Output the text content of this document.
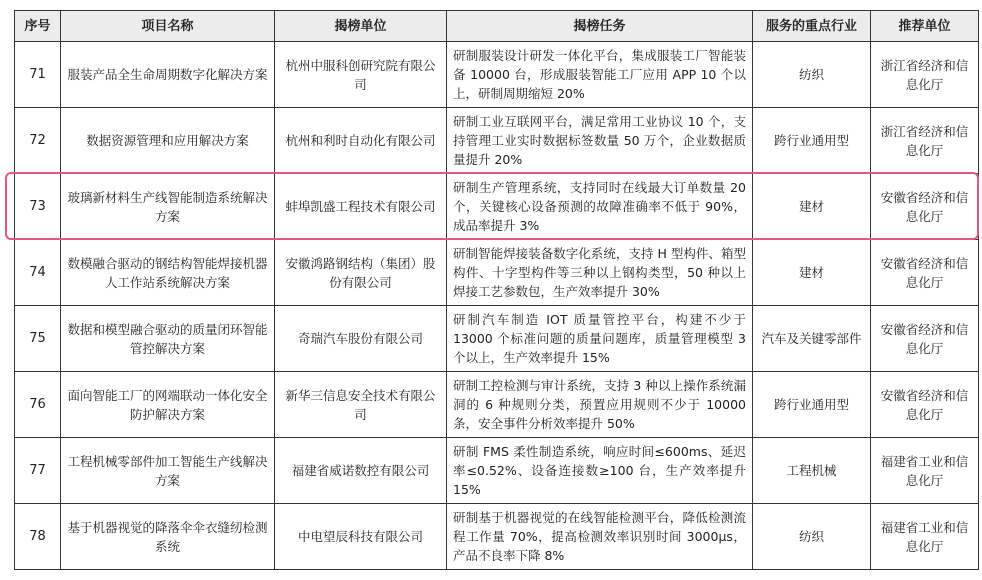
序号	项目名称	揭榜单位	揭榜任务	服务的重点行业	推荐单位
71	服装产品全生命周期数字化解决方案	杭州中服科创研究院有限公司	研制服装设计研发一体化平台，集成服装工厂智能装备 10000 台，形成服装智能工厂应用 APP 10 个以上，研制周期缩短 20%	纺织	浙江省经济和信息化厅
72	数据资源管理和应用解决方案	杭州和利时自动化有限公司	研制工业互联网平台，满足常用工业协议 10 个，支持管理工业实时数据标签数量 50 万个，企业数据质量提升 20%	跨行业通用型	浙江省经济和信息化厅
73	玻璃新材料生产线智能制造系统解决方案	蚌埠凯盛工程技术有限公司	研制生产管理系统，支持同时在线最大订单数量 20 个，关键核心设备预测的故障准确率不低于 90%，成品率提升 3%	建材	安徽省经济和信息化厅
74	数模融合驱动的钢结构智能焊接机器人工作站系统解决方案	安徽鸿路钢结构（集团）股份有限公司	研制智能焊接装备数字化系统，支持 H 型构件、箱型构件、十字型构件等三种以上钢构类型，50 种以上焊接工艺参数包，生产效率提升 30%	建材	安徽省经济和信息化厅
75	数据和模型融合驱动的质量闭环智能管控解决方案	奇瑞汽车股份有限公司	研制汽车制造 IOT 质量管控平台，构建不少于 13000 个标准问题的质量问题库，质量管理模型 3 个以上，生产效率提升 15%	汽车及关键零部件	安徽省经济和信息化厅
76	面向智能工厂的网端联动一体化安全防护解决方案	新华三信息安全技术有限公司	研制工控检测与审计系统，支持 3 种以上操作系统漏洞的 6 种规则分类，预置应用规则不少于 10000 条，安全事件分析效率提升 50%	跨行业通用型	安徽省经济和信息化厅
77	工程机械零部件加工智能生产线解决方案	福建省威诺数控有限公司	研制 FMS 柔性制造系统，响应时间≤600ms、延迟率≤0.52%、设备连接数≥100 台，生产效率提升 15%	工程机械	福建省工业和信息化厅
78	基于机器视觉的降落伞伞衣缝纫检测系统	中电望辰科技有限公司	研制基于机器视觉的在线智能检测平台，降低检测流程工作量 70%，提高检测效率识别时间 3000μs，产品不良率下降 8%	纺织	福建省工业和信息化厅
